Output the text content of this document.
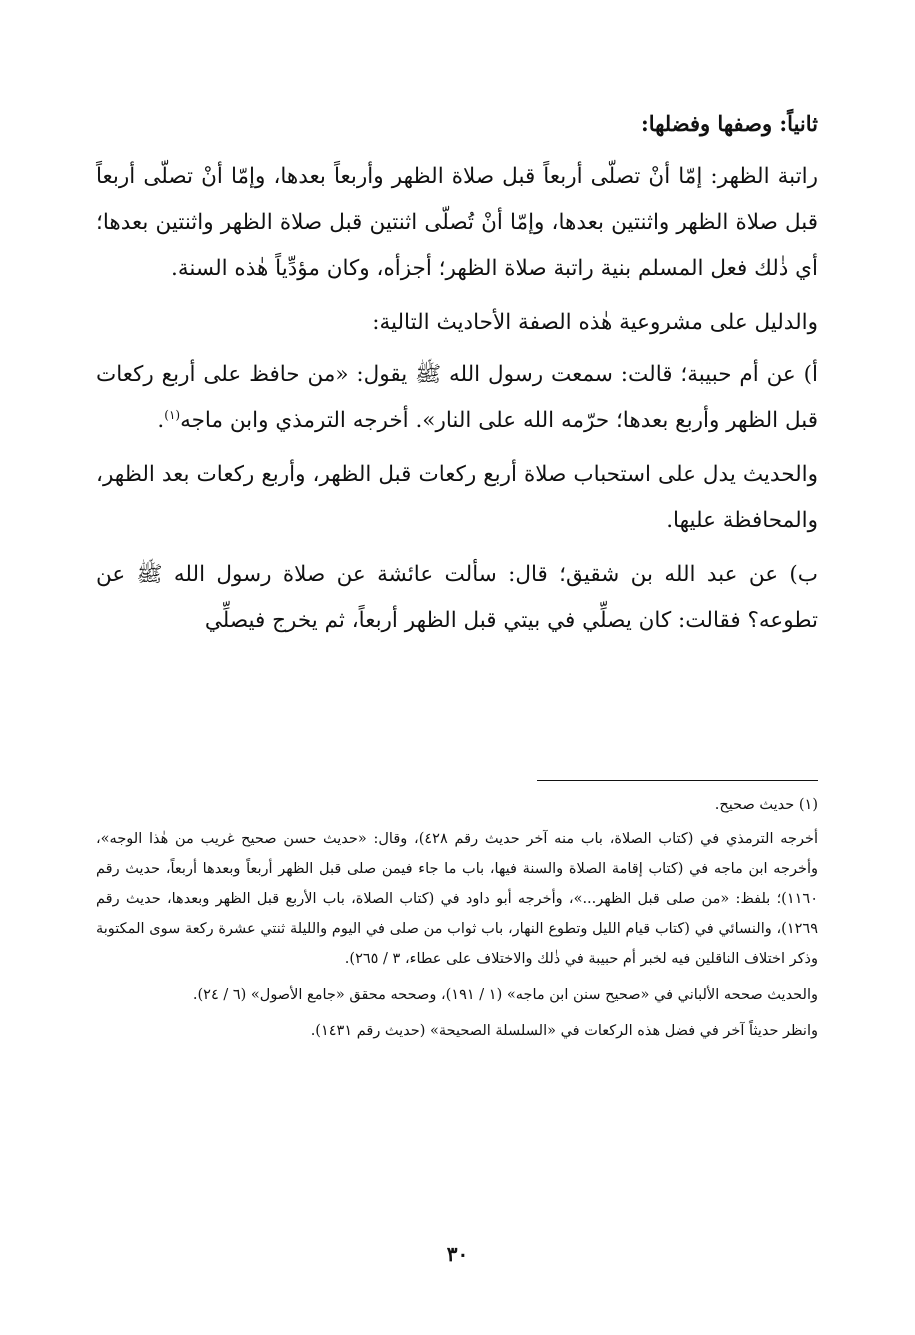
ثانياً: وصفها وفضلها:

راتبة الظهر: إمّا أنْ تصلّى أربعاً قبل صلاة الظهر وأربعاً بعدها، وإمّا أنْ تصلّى أربعاً قبل صلاة الظهر واثنتين بعدها، وإمّا أنْ تُصلّى اثنتين قبل صلاة الظهر واثنتين بعدها؛ أي ذٰلك فعل المسلم بنية راتبة صلاة الظهر؛ أجزأه، وكان مؤدِّياً هٰذه السنة.

والدليل على مشروعية هٰذه الصفة الأحاديث التالية:

أ) عن أم حبيبة؛ قالت: سمعت رسول الله ﷺ يقول: «من حافظ على أربع ركعات قبل الظهر وأربع بعدها؛ حرّمه الله على النار». أخرجه الترمذي وابن ماجه$^{(١)}$.

والحديث يدل على استحباب صلاة أربع ركعات قبل الظهر، وأربع ركعات بعد الظهر، والمحافظة عليها.

ب) عن عبد الله بن شقيق؛ قال: سألت عائشة عن صلاة رسول الله ﷺ عن تطوعه؟ فقالت: كان يصلِّي في بيتي قبل الظهر أربعاً، ثم يخرج فيصلِّي

(١) حديث صحيح.

أخرجه الترمذي في (كتاب الصلاة، باب منه آخر حديث رقم ٤٢٨)، وقال: «حديث حسن صحيح غريب من هٰذا الوجه»، وأخرجه ابن ماجه في (كتاب إقامة الصلاة والسنة فيها، باب ما جاء فيمن صلى قبل الظهر أربعاً وبعدها أربعاً، حديث رقم ١١٦٠)؛ بلفظ: «من صلى قبل الظهر...»، وأخرجه أبو داود في (كتاب الصلاة، باب الأربع قبل الظهر وبعدها، حديث رقم ١٢٦٩)، والنسائي في (كتاب قيام الليل وتطوع النهار، باب ثواب من صلى في اليوم والليلة ثنتي عشرة ركعة سوى المكتوبة وذكر اختلاف الناقلين فيه لخبر أم حبيبة في ذٰلك والاختلاف على عطاء، ٣ / ٢٦٥).

والحديث صححه الألباني في «صحيح سنن ابن ماجه» (١ / ١٩١)، وصححه محقق «جامع الأصول» (٦ / ٢٤).

وانظر حديثاً آخر في فضل هذه الركعات في «السلسلة الصحيحة» (حديث رقم ١٤٣١).

٣٠
